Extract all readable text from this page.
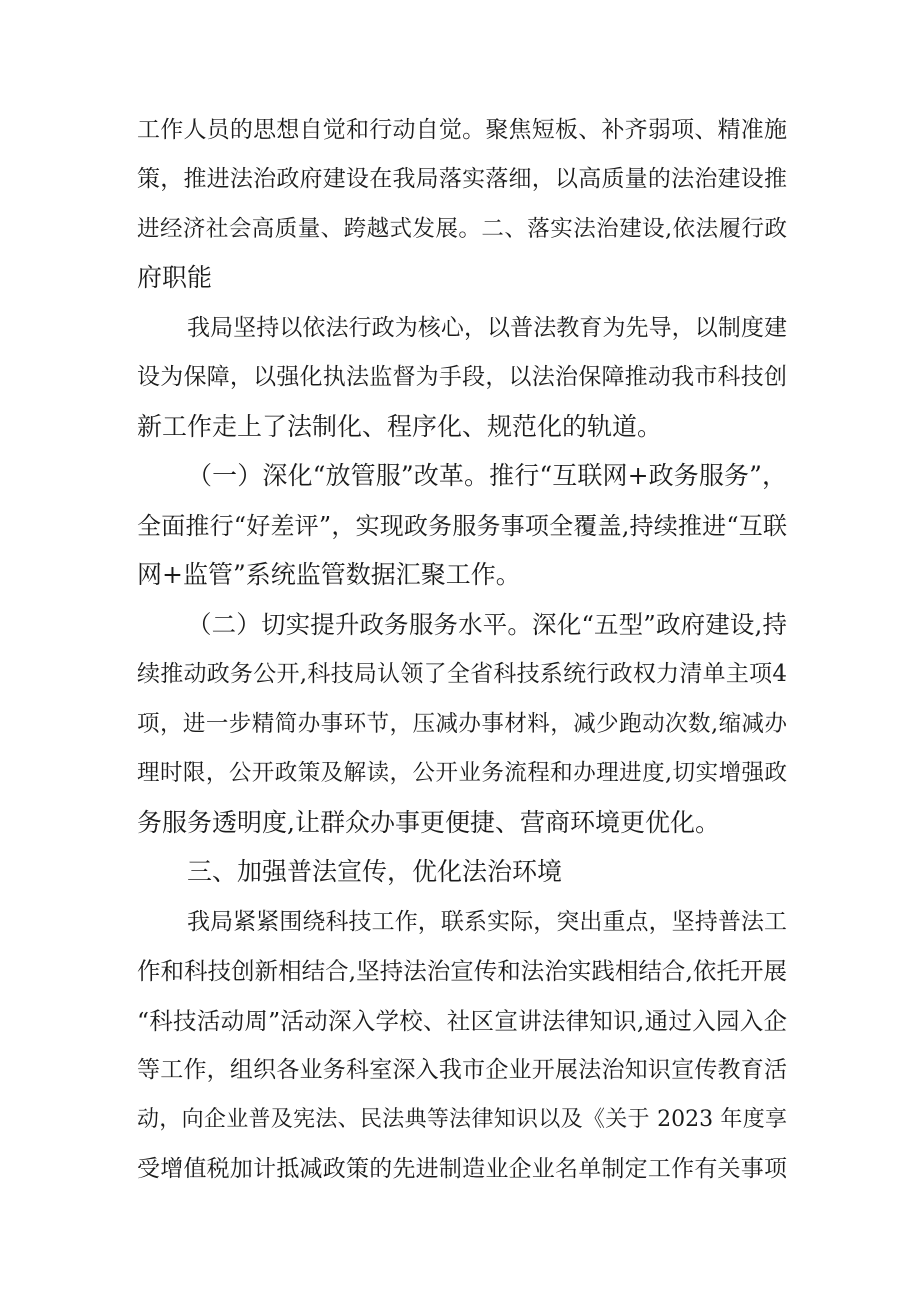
工作人员的思想自觉和行动自觉。聚焦短板、补齐弱项、精准施
策，推进法治政府建设在我局落实落细，以高质量的法治建设推
进经济社会高质量、跨越式发展。二、落实法治建设,依法履行政
府职能
我局坚持以依法行政为核心，以普法教育为先导，以制度建
设为保障，以强化执法监督为手段，以法治保障推动我市科技创
新工作走上了法制化、程序化、规范化的轨道。
（一）深化“放管服”改革。推行“互联网+政务服务”，
全面推行“好差评”，实现政务服务事项全覆盖,持续推进“互联
网+监管”系统监管数据汇聚工作。
（二）切实提升政务服务水平。深化“五型”政府建设,持
续推动政务公开,科技局认领了全省科技系统行政权力清单主项4
项，进一步精简办事环节，压减办事材料，减少跑动次数,缩减办
理时限，公开政策及解读，公开业务流程和办理进度,切实增强政
务服务透明度,让群众办事更便捷、营商环境更优化。
三、加强普法宣传，优化法治环境
我局紧紧围绕科技工作，联系实际，突出重点，坚持普法工
作和科技创新相结合,坚持法治宣传和法治实践相结合,依托开展
“科技活动周”活动深入学校、社区宣讲法律知识,通过入园入企
等工作，组织各业务科室深入我市企业开展法治知识宣传教育活
动，向企业普及宪法、民法典等法律知识以及《关于 2023 年度享
受增值税加计抵减政策的先进制造业企业名单制定工作有关事项
